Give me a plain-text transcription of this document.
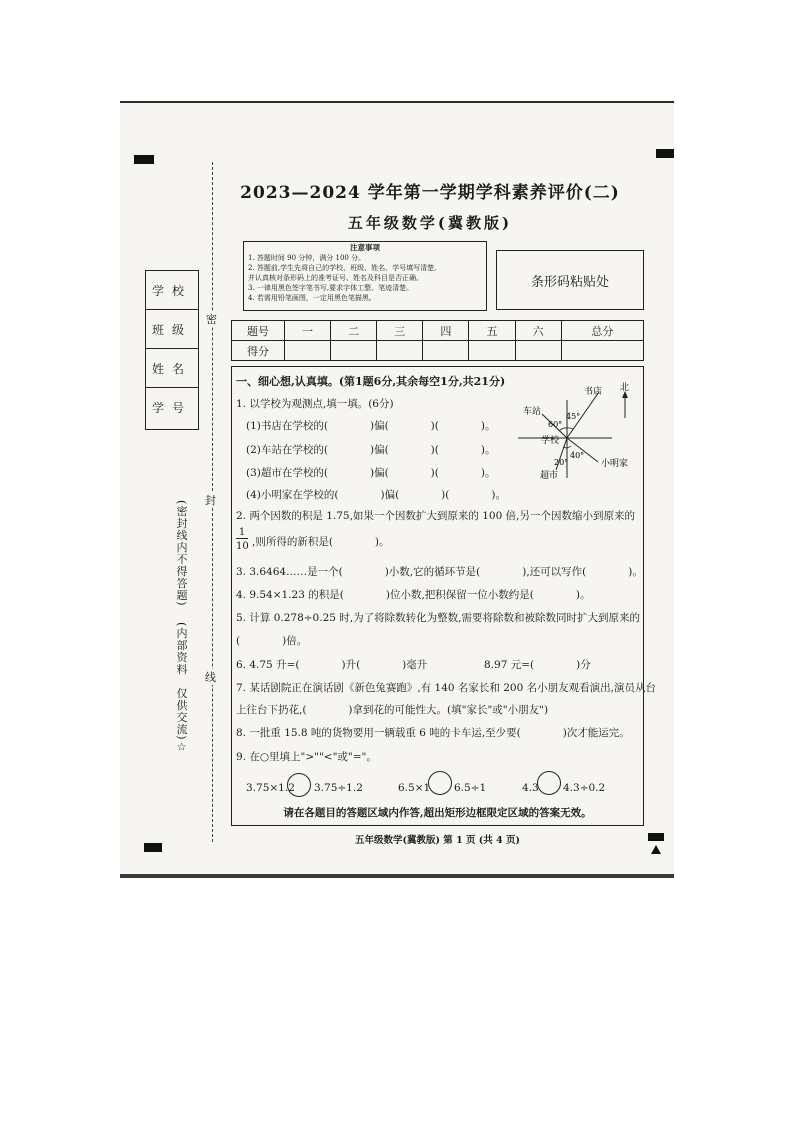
2023—2024 学年第一学期学科素养评价(二)
五年级数学(冀教版)
注意事项
1. 答题时间 90 分钟，满分 100 分。
2. 答题前,学生先将自己的学校、班级、姓名、学号填写清楚,
并认真核对条形码上的准考证号、姓名及科目是否正确。
3. 一律用黑色签字笔书写,要求字体工整、笔迹清楚。
4. 若需用铅笔画图，一定用黑色笔描黑。
条形码粘贴处
学校
班级
姓名
学号
密
封
线
(密封线内不得答题)
(内部资料　仅供交流)☆
题号	一	二	三	四	五	六	总分
得分							
一、细心想,认真填。(第1题6分,其余每空1分,共21分)
1. 以学校为观测点,填一填。(6分)
(1)书店在学校的(　　　　)偏(　　　　)(　　　　)。
(2)车站在学校的(　　　　)偏(　　　　)(　　　　)。
(3)超市在学校的(　　　　)偏(　　　　)(　　　　)。
(4)小明家在学校的(　　　　)偏(　　　　)(　　　　)。
书店 北
车站
60°
45°
学校
40°
20°	小明家
超市
2. 两个因数的积是 1.75,如果一个因数扩大到原来的 100 倍,另一个因数缩小到原来的
1
10 ,则所得的新积是(　　　　)。
3. 3.6464……是一个(　　　　)小数,它的循环节是(　　　　),还可以写作(　　　　)。
4. 9.54×1.23 的积是(　　　　)位小数,把积保留一位小数约是(　　　　)。
5. 计算 0.278÷0.25 时,为了将除数转化为整数,需要将除数和被除数同时扩大到原来的
(　　　　)倍。
6. 4.75 升=(　　　　)升(　　　　)毫升	8.97 元=(　　　　)分
7. 某话剧院正在演话剧《新色兔赛跑》,有 140 名家长和 200 名小朋友观看演出,演员从台
上往台下扔花,(　　　　)拿到花的可能性大。(填"家长"或"小朋友")
8. 一批重 15.8 吨的货物要用一辆载重 6 吨的卡车运,至少要(　　　　)次才能运完。
9. 在○里填上">""<"或"="。
3.75×1.2 3.75÷1.2	6.5×1 6.5÷1	4.3 4.3÷0.2
请在各题目的答题区域内作答,超出矩形边框限定区域的答案无效。
五年级数学(冀教版) 第 1 页 (共 4 页)
